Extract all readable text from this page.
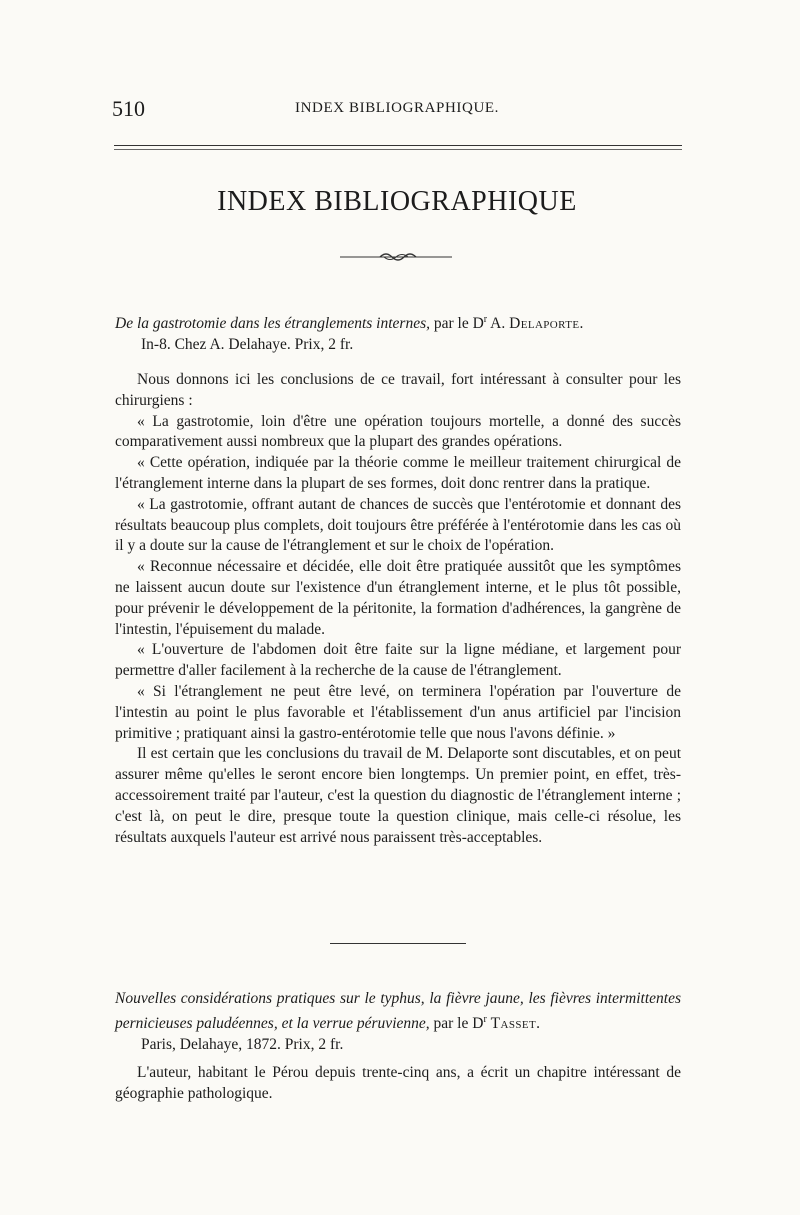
510	INDEX BIBLIOGRAPHIQUE.
INDEX BIBLIOGRAPHIQUE
De la gastrotomie dans les étranglements internes, par le $D^r$ A. Delaporte.
In-8. Chez A. Delahaye. Prix, 2 fr.

Nous donnons ici les conclusions de ce travail, fort intéressant à consulter pour les chirurgiens :

« La gastrotomie, loin d'être une opération toujours mortelle, a donné des succès comparativement aussi nombreux que la plupart des grandes opérations.

« Cette opération, indiquée par la théorie comme le meilleur traitement chirurgical de l'étranglement interne dans la plupart de ses formes, doit donc rentrer dans la pratique.

« La gastrotomie, offrant autant de chances de succès que l'entérotomie et donnant des résultats beaucoup plus complets, doit toujours être préférée à l'entérotomie dans les cas où il y a doute sur la cause de l'étranglement et sur le choix de l'opération.

« Reconnue nécessaire et décidée, elle doit être pratiquée aussitôt que les symptômes ne laissent aucun doute sur l'existence d'un étranglement interne, et le plus tôt possible, pour prévenir le développement de la péritonite, la formation d'adhérences, la gangrène de l'intestin, l'épuisement du malade.

« L'ouverture de l'abdomen doit être faite sur la ligne médiane, et largement pour permettre d'aller facilement à la recherche de la cause de l'étranglement.

« Si l'étranglement ne peut être levé, on terminera l'opération par l'ouverture de l'intestin au point le plus favorable et l'établissement d'un anus artificiel par l'incision primitive ; pratiquant ainsi la gastro-entérotomie telle que nous l'avons définie. »

Il est certain que les conclusions du travail de M. Delaporte sont discutables, et on peut assurer même qu'elles le seront encore bien longtemps. Un premier point, en effet, très-accessoirement traité par l'auteur, c'est la question du diagnostic de l'étranglement interne ; c'est là, on peut le dire, presque toute la question clinique, mais celle-ci résolue, les résultats auxquels l'auteur est arrivé nous paraissent très-acceptables.

Nouvelles considérations pratiques sur le typhus, la fièvre jaune, les fièvres intermittentes pernicieuses paludéennes, et la verrue péruvienne, par le $D^r$ Tasset.
Paris, Delahaye, 1872. Prix, 2 fr.

L'auteur, habitant le Pérou depuis trente-cinq ans, a écrit un chapitre intéressant de géographie pathologique.
